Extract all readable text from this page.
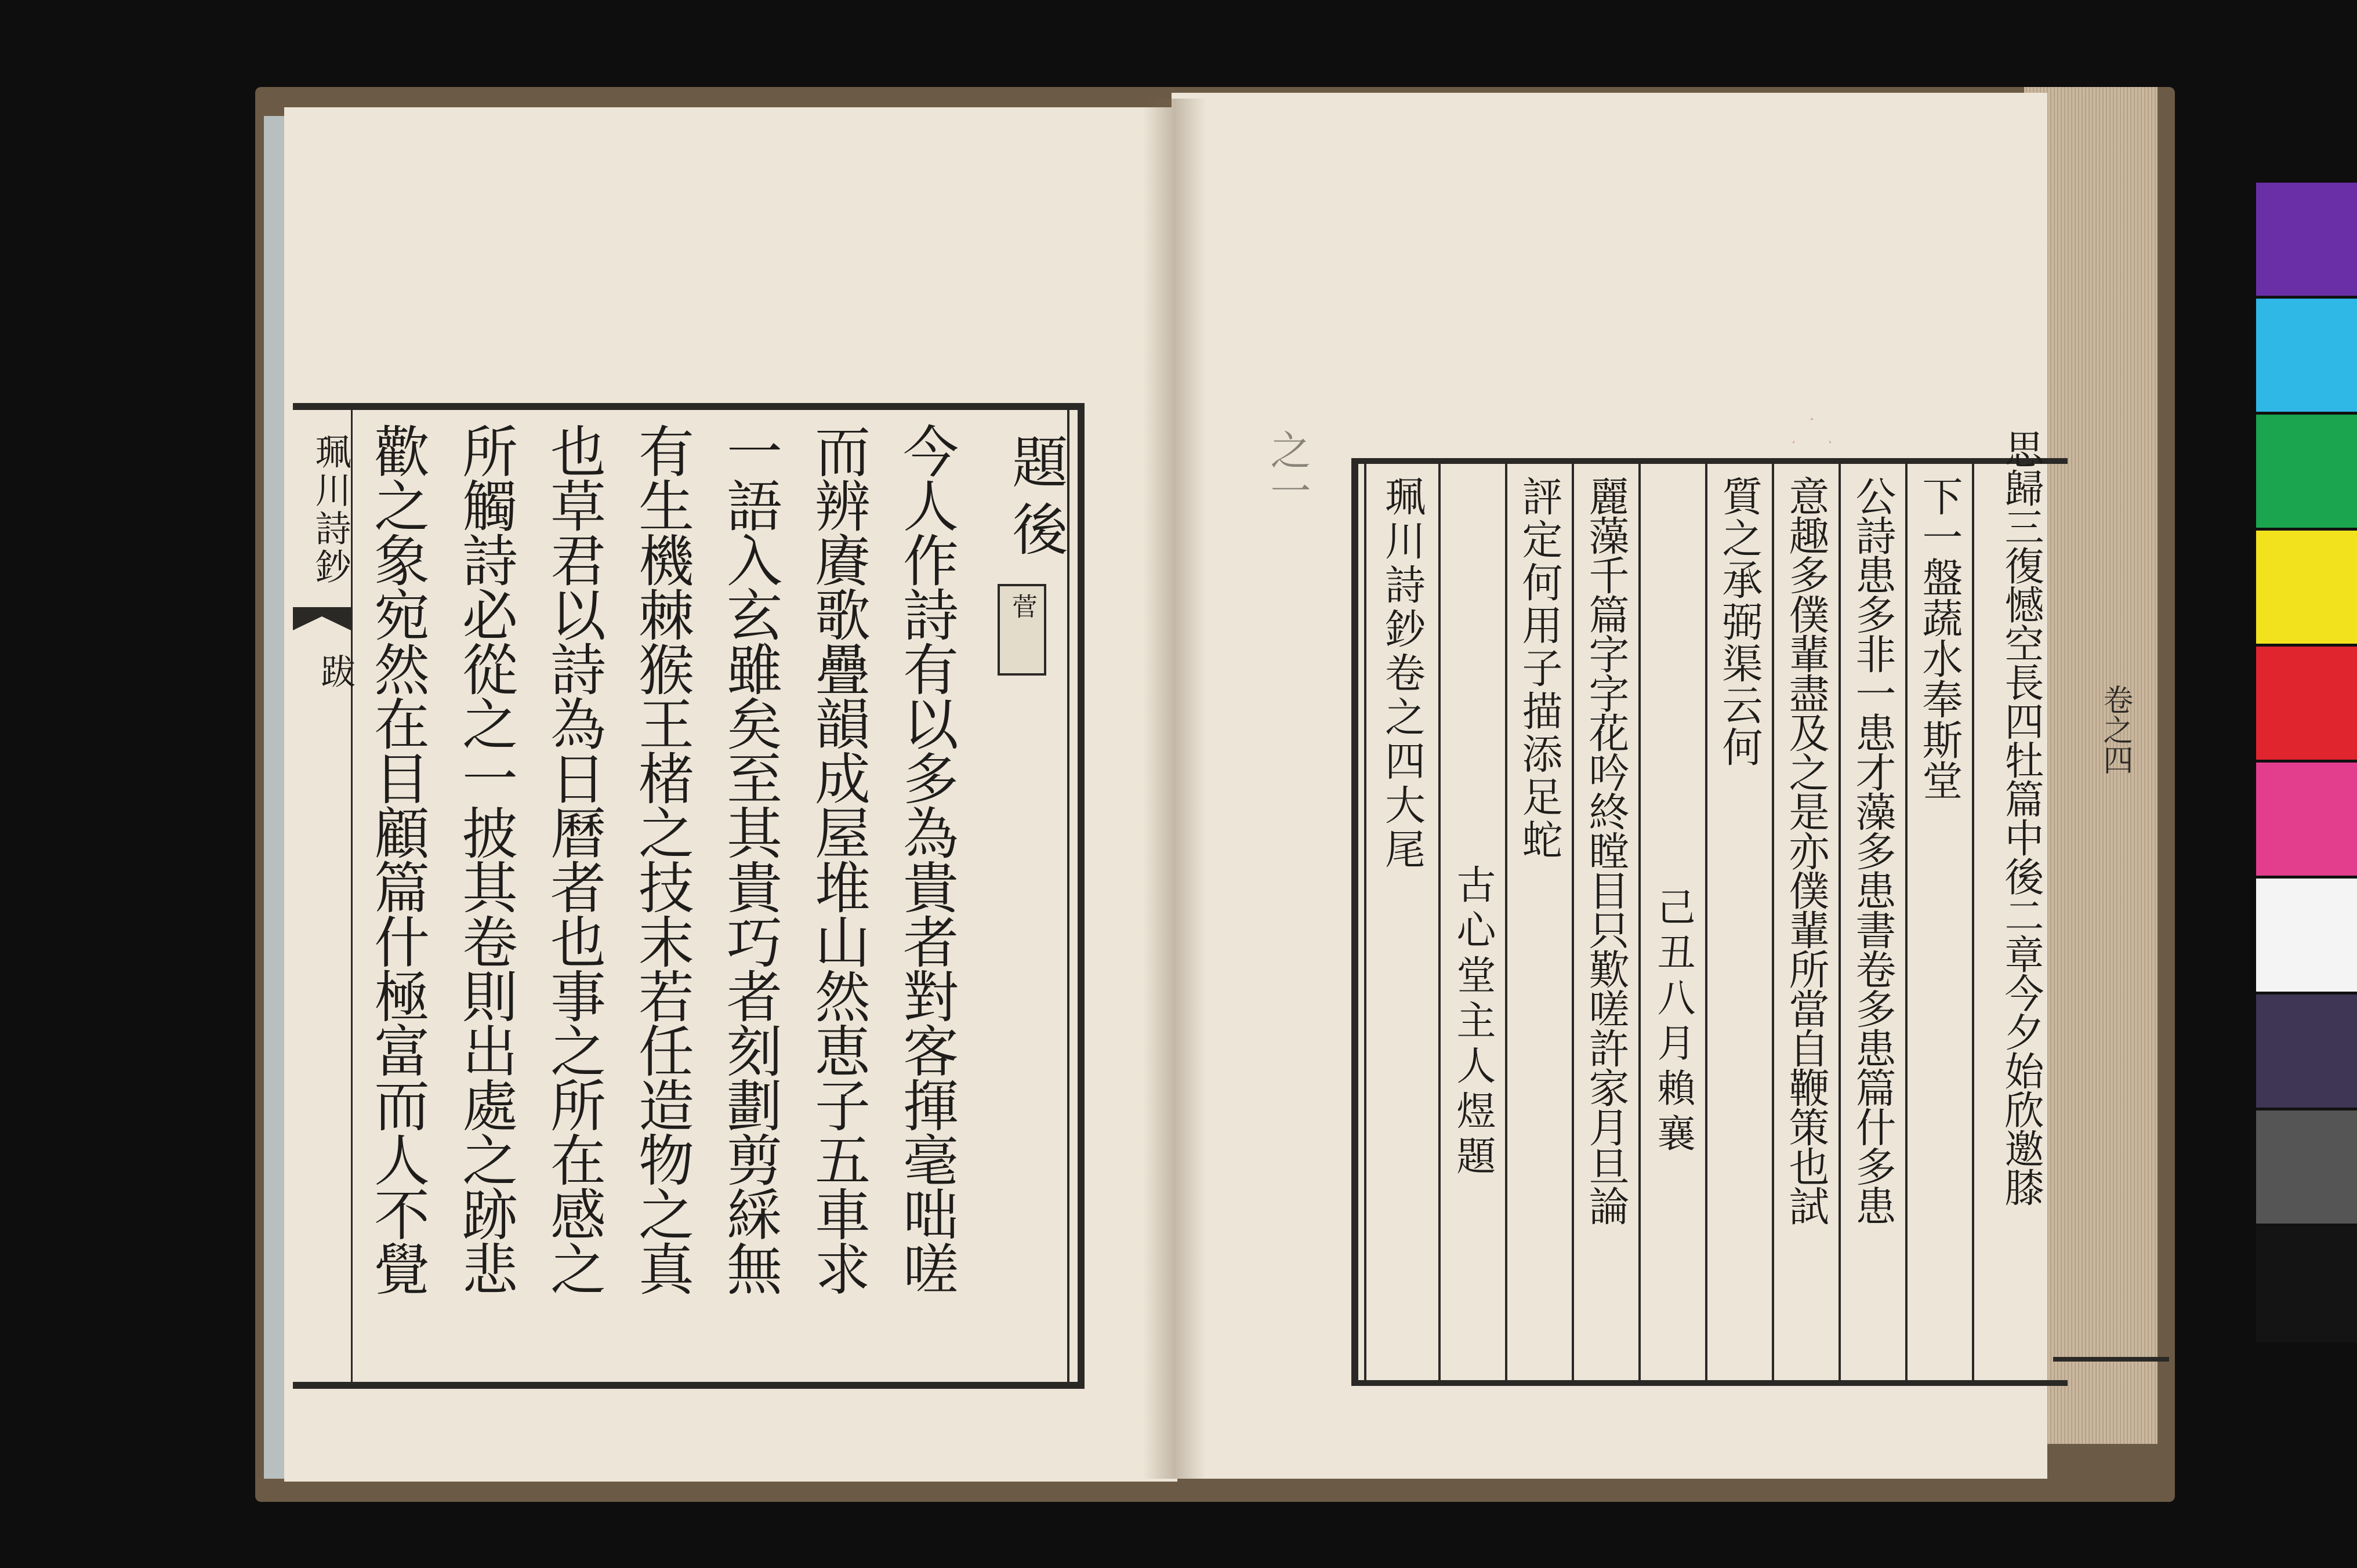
珮川詩鈔
跋
題後
菅
今人作詩有以多為貴者對客揮毫咄嗟
而辨賡歌疊韻成屋堆山然恵子五車求
一語入玄雖矣至其貴巧者刻劃剪綵無
有生機棘猴王楮之技末若任造物之真
也草君以詩為日曆者也事之所在感之
所觸詩必從之一披其卷則出處之跡悲
歡之象宛然在目顧篇什極富而人不覺	之一	思歸三復憾空長四牡篇中後二章今夕始欣邀膝
下一盤蔬水奉斯堂
公詩患多非一患才藻多患書卷多患篇什多患
意趣多僕輩盡及之是亦僕輩所當自鞭策也試
質之承弼渠云何
己丑八月賴襄
麗藻千篇字字花吟終瞠目只歎嗟許家月旦論
評定何用子描添足蛇
古心堂主人煜題
珮川詩鈔卷之四大尾	卷之四
